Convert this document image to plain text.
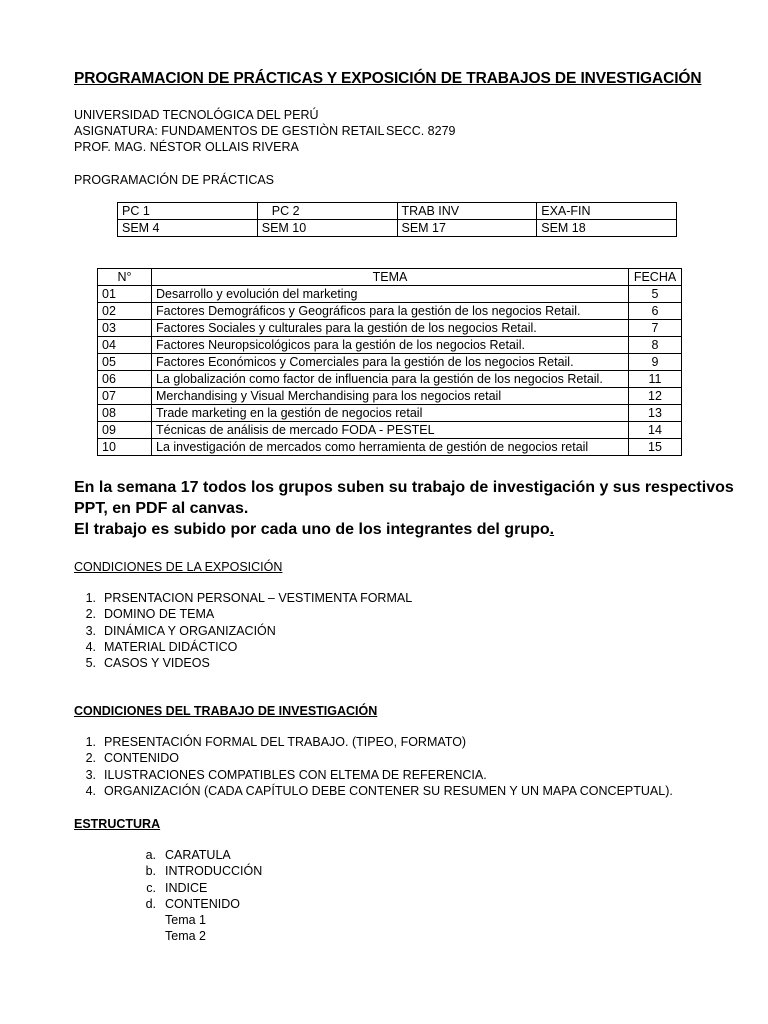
PROGRAMACION DE PRÁCTICAS Y EXPOSICIÓN DE TRABAJOS DE INVESTIGACIÓN
UNIVERSIDAD TECNOLÓGICA DEL PERÚ
ASIGNATURA: FUNDAMENTOS DE GESTIÒN RETAIL SECC. 8279
PROF. MAG. NÉSTOR OLLAIS RIVERA
PROGRAMACIÓN DE PRÁCTICAS
PC 1	PC 2	TRAB INV	EXA-FIN
SEM 4	SEM 10	SEM 17	SEM 18
N°	TEMA	FECHA
01	Desarrollo y evolución del marketing	5
02	Factores Demográficos y Geográficos para la gestión de los negocios Retail.	6
03	Factores Sociales y culturales para la gestión de los negocios Retail.	7
04	Factores Neuropsicológicos para la gestión de los negocios Retail.	8
05	Factores Económicos y Comerciales para la gestión de los negocios Retail.	9
06	La globalización como factor de influencia para la gestión de los negocios Retail.	11
07	Merchandising y Visual Merchandising para los negocios retail	12
08	Trade marketing en la gestión de negocios retail	13
09	Técnicas de análisis de mercado FODA - PESTEL	14
10	La investigación de mercados como herramienta de gestión de negocios retail	15
En la semana 17 todos los grupos suben su trabajo de investigación y sus respectivos PPT, en PDF al canvas.
El trabajo es subido por cada uno de los integrantes del grupo.
CONDICIONES DE LA EXPOSICIÓN
1. PRSENTACION PERSONAL – VESTIMENTA FORMAL
2. DOMINO DE TEMA
3. DINÁMICA Y ORGANIZACIÓN
4. MATERIAL DIDÁCTICO
5. CASOS Y VIDEOS
CONDICIONES DEL TRABAJO DE INVESTIGACIÓN
1. PRESENTACIÓN FORMAL DEL TRABAJO. (TIPEO, FORMATO)
2. CONTENIDO
3. ILUSTRACIONES COMPATIBLES CON ELTEMA DE REFERENCIA.
4. ORGANIZACIÓN (CADA CAPÍTULO DEBE CONTENER SU RESUMEN Y UN MAPA CONCEPTUAL).
ESTRUCTURA
a. CARATULA
b. INTRODUCCIÓN
c. INDICE
d. CONTENIDO
Tema 1
Tema 2
